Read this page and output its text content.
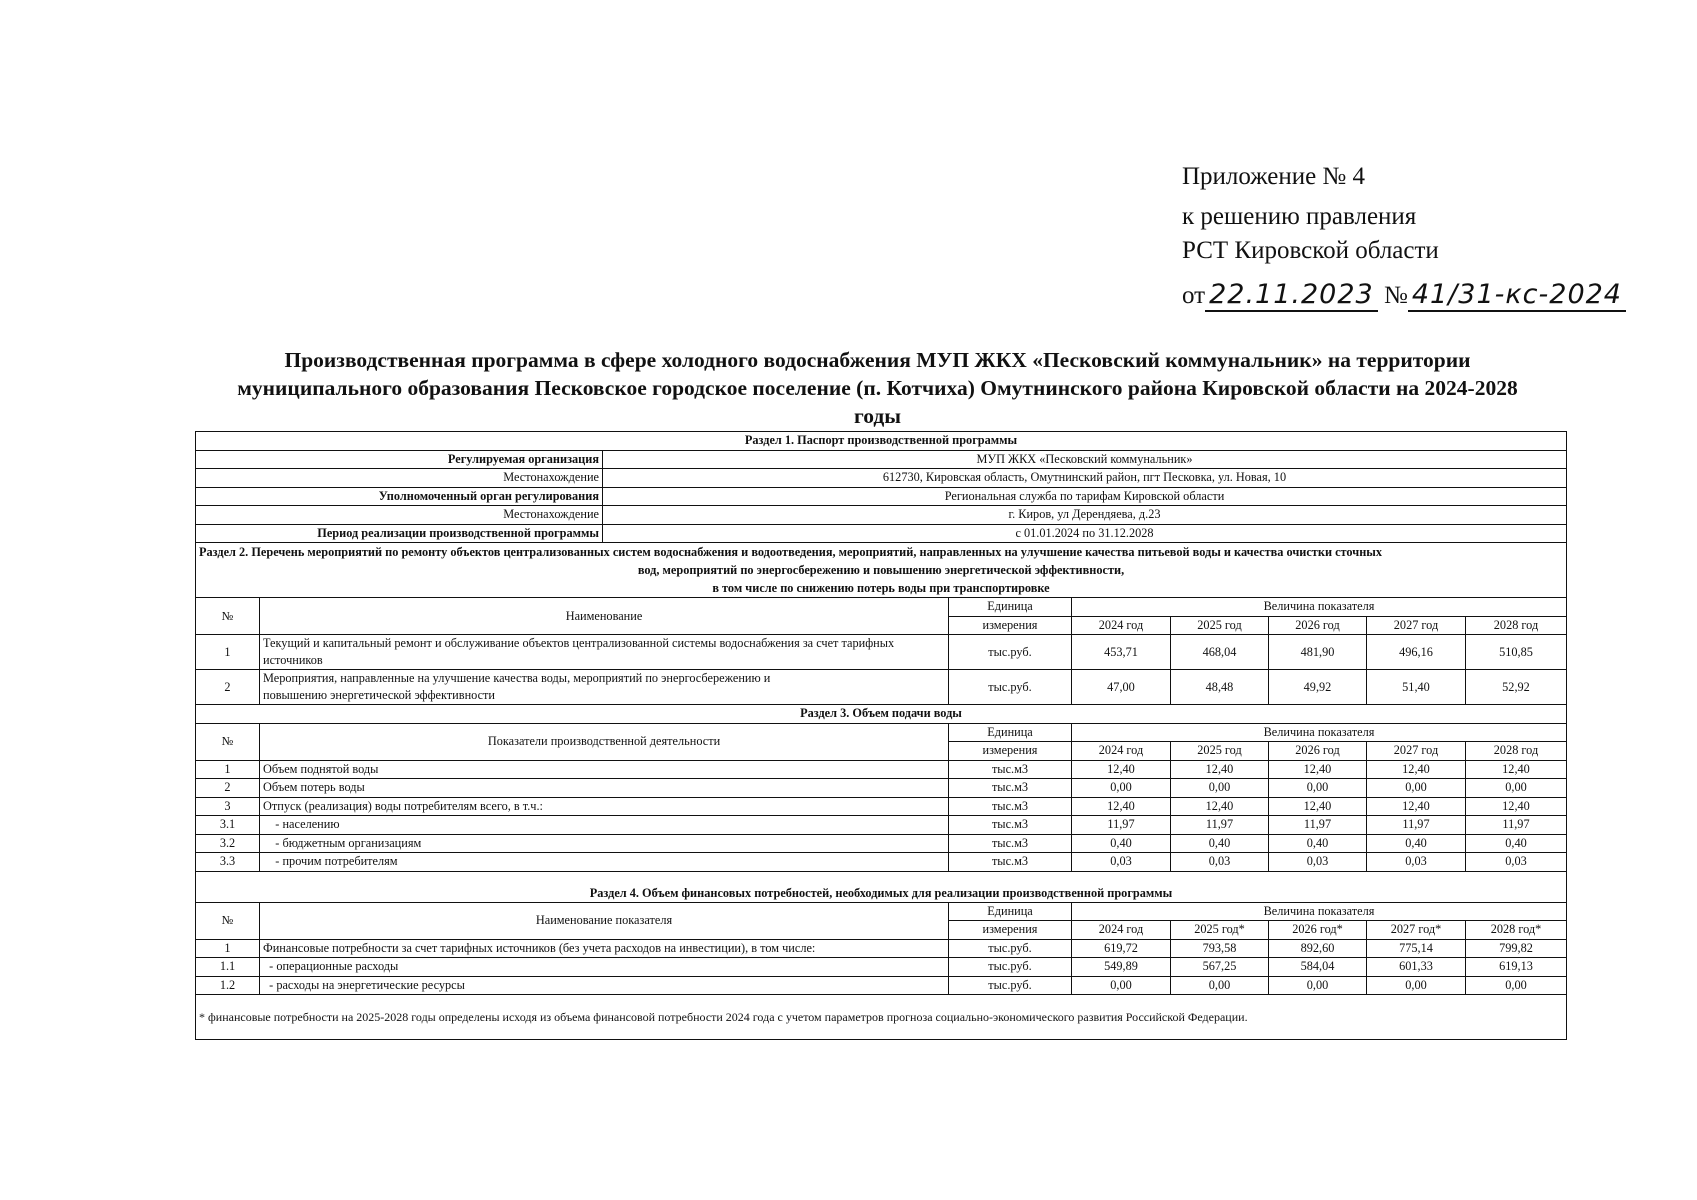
Приложение № 4
к решению правления
РСТ Кировской области
от 22.11.2023 № 41/31-кс-2024
Производственная программа в сфере холодного водоснабжения МУП ЖКХ «Песковский коммунальник» на территории
муниципального образования Песковское городское поселение (п. Котчиха) Омутнинского района Кировской области на 2024-2028
годы
Раздел 1. Паспорт производственной программы								
Регулируемая организация		МУП ЖКХ «Песковский коммунальник»						
Местонахождение		612730, Кировская область, Омутнинский район, пгт Песковка, ул. Новая, 10						
Уполномоченный орган регулирования		Региональная служба по тарифам Кировской области						
Местонахождение		г. Киров, ул Дерендяева, д.23						
Период реализации производственной программы		с 01.01.2024 по 31.12.2028						

Раздел 2. Перечень мероприятий по ремонту объектов централизованных систем водоснабжения и водоотведения, мероприятий, направленных на улучшение качества питьевой воды и качества очистки сточных
вод, мероприятий по энергосбережению и повышению энергетической эффективности,
в том числе по снижению потерь воды при транспортировке								

№	Наименование		Единица	Величина показателя				
			измерения	2024 год	2025 год	2026 год	2027 год	2028 год
1	Текущий и капитальный ремонт и обслуживание объектов централизованной системы водоснабжения за счет тарифных источников		тыс.руб.	453,71	468,04	481,90	496,16	510,85
2	Мероприятия, направленные на улучшение качества воды, мероприятий по энергосбережению и повышению энергетической эффективности		тыс.руб.	47,00	48,48	49,92	51,40	52,92
Раздел 3. Объем подачи воды								
№	Показатели производственной деятельности		Единица	Величина показателя				
			измерения	2024 год	2025 год	2026 год	2027 год	2028 год
1	Объем поднятой воды		тыс.м3	12,40	12,40	12,40	12,40	12,40
2	Объем потерь воды		тыс.м3	0,00	0,00	0,00	0,00	0,00
3	Отпуск (реализация) воды потребителям всего, в т.ч.:		тыс.м3	12,40	12,40	12,40	12,40	12,40
3.1	- населению		тыс.м3	11,97	11,97	11,97	11,97	11,97
3.2	- бюджетным организациям		тыс.м3	0,40	0,40	0,40	0,40	0,40
3.3	- прочим потребителям		тыс.м3	0,03	0,03	0,03	0,03	0,03
Раздел 4. Объем финансовых потребностей, необходимых для реализации производственной программы								
№	Наименование показателя		Единица	Величина показателя				
			измерения	2024 год	2025 год*	2026 год*	2027 год*	2028 год*
1	Финансовые потребности за счет тарифных источников (без учета расходов на инвестиции), в том числе:		тыс.руб.	619,72	793,58	892,60	775,14	799,82
1.1	- операционные расходы		тыс.руб.	549,89	567,25	584,04	601,33	619,13
1.2	- расходы на энергетические ресурсы		тыс.руб.	0,00	0,00	0,00	0,00	0,00
* финансовые потребности на 2025-2028 годы определены исходя из объема финансовой потребности 2024 года с учетом параметров прогноза социально-экономического развития Российской Федерации.								
